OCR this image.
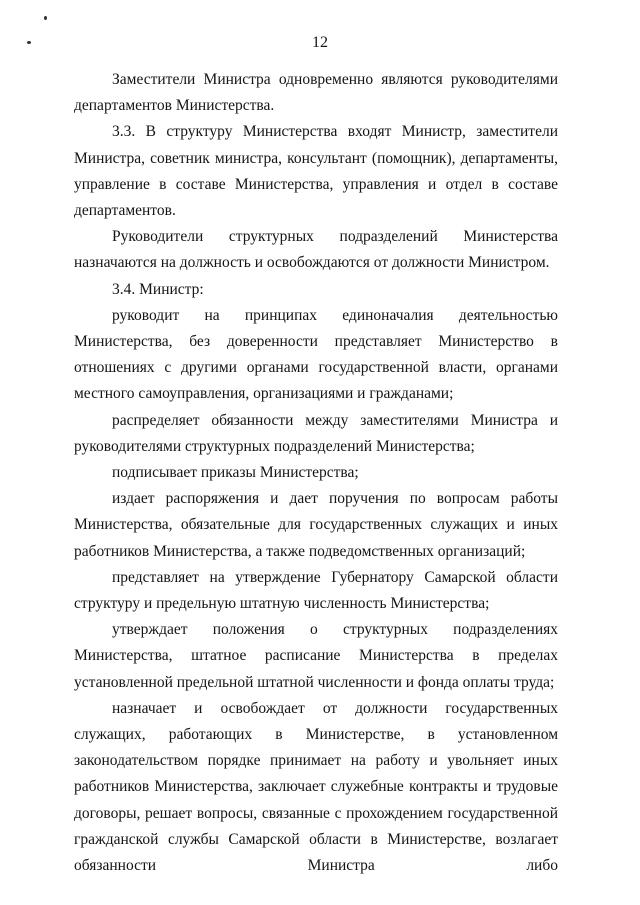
12

Заместители Министра одновременно являются руководителями департаментов Министерства.

3.3. В структуру Министерства входят Министр, заместители Министра, советник министра, консультант (помощник), департаменты, управление в составе Министерства, управления и отдел в составе департаментов.

Руководители структурных подразделений Министерства назначаются на должность и освобождаются от должности Министром.

3.4. Министр:

руководит на принципах единоначалия деятельностью Министерства, без доверенности представляет Министерство в отношениях с другими органами государственной власти, органами местного самоуправления, организациями и гражданами;

распределяет обязанности между заместителями Министра и руководителями структурных подразделений Министерства;

подписывает приказы Министерства;

издает распоряжения и дает поручения по вопросам работы Министерства, обязательные для государственных служащих и иных работников Министерства, а также подведомственных организаций;

представляет на утверждение Губернатору Самарской области структуру и предельную штатную численность Министерства;

утверждает положения о структурных подразделениях Министерства, штатное расписание Министерства в пределах установленной предельной штатной численности и фонда оплаты труда;

назначает и освобождает от должности государственных служащих, работающих в Министерстве, в установленном законодательством порядке принимает на работу и увольняет иных работников Министерства, заключает служебные контракты и трудовые договоры, решает вопросы, связанные с прохождением государственной гражданской службы Самарской области в Министерстве, возлагает обязанности Министра либо
